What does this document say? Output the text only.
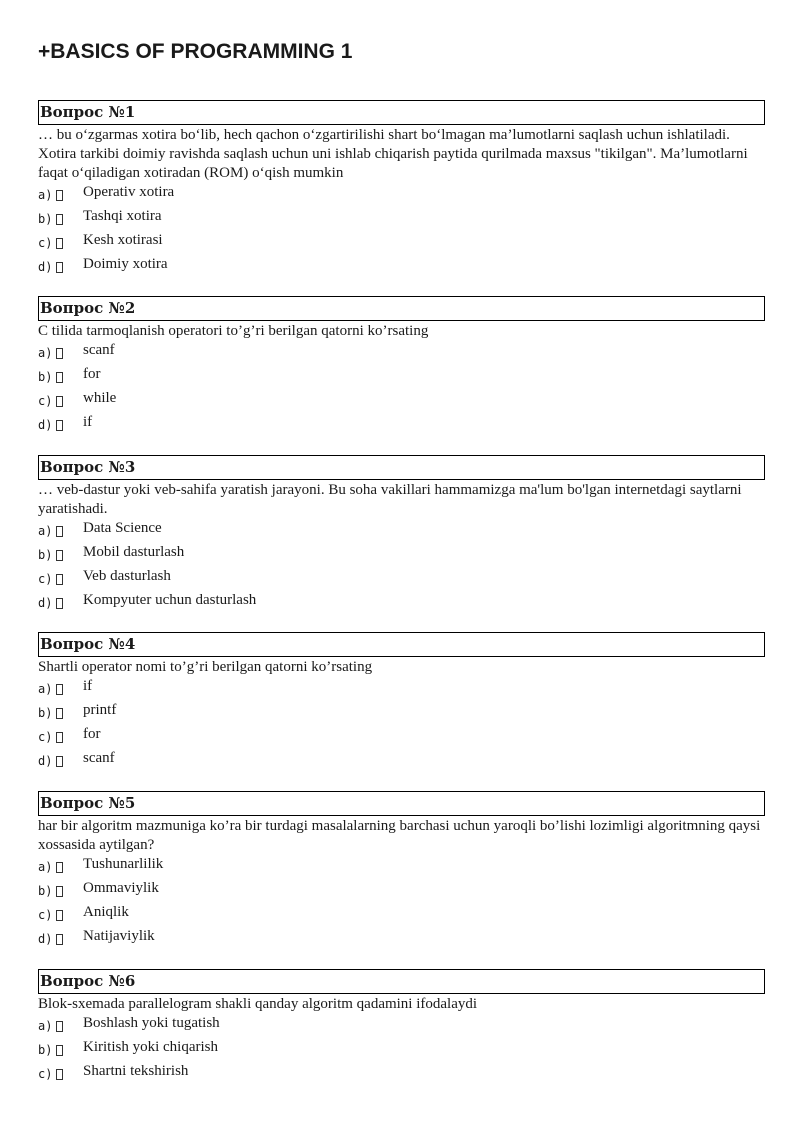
+BASICS OF PROGRAMMING 1
Вопрос №1

… bu o‘zgarmas xotira bo‘lib, hech qachon o‘zgartirilishi shart bo‘lmagan ma’lumotlarni saqlash uchun ishlatiladi. Xotira tarkibi doimiy ravishda saqlash uchun uni ishlab chiqarish paytida qurilmada maxsus "tikilgan". Ma’lumotlarni faqat o‘qiladigan xotiradan (ROM) o‘qish mumkin

a) Operativ xotira
b) Tashqi xotira
c) Kesh xotirasi
d) Doimiy xotira
Вопрос №2

C tilida tarmoqlanish operatori to’g’ri berilgan qatorni ko’rsating

a) scanf
b) for
c) while
d) if
Вопрос №3

… veb-dastur yoki veb-sahifa yaratish jarayoni. Bu soha vakillari hammamizga ma'lum bo'lgan internetdagi saytlarni yaratishadi.

a) Data Science
b) Mobil dasturlash
c) Veb dasturlash
d) Kompyuter uchun dasturlash
Вопрос №4

Shartli operator nomi to’g’ri berilgan qatorni ko’rsating

a) if
b) printf
c) for
d) scanf
Вопрос №5

har bir algoritm mazmuniga ko’ra bir turdagi masalalarning barchasi uchun yaroqli bo’lishi lozimligi algoritmning qaysi xossasida aytilgan?

a) Tushunarlilik
b) Ommaviylik
c) Aniqlik
d) Natijaviylik
Вопрос №6

Blok-sxemada parallelogram shakli qanday algoritm qadamini ifodalaydi

a) Boshlash yoki tugatish
b) Kiritish yoki chiqarish
c) Shartni tekshirish
